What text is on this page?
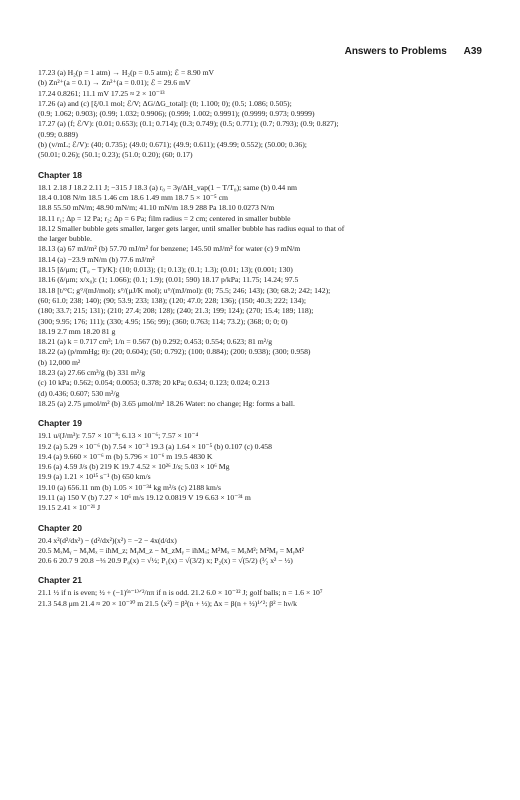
Answers to Problems A39
17.23 (a) H₂(p = 1 atm) → H₂(p = 0.5 atm); ℰ = 8.90 mV
(b) Zn²⁺(a = 0.1) → Zn²⁺(a = 0.01); ℰ = 29.6 mV
17.24 0.8261; 11.1 mV 17.25 ≈ 2 × 10⁻¹³
17.26 (a) and (c) [ξ/0.1 mol; ℰ/V; ΔG/ΔG_total]: (0; 1.100; 0); (0.5; 1.086; 0.505);
(0.9; 1.062; 0.903); (0.99; 1.032; 0.9906); (0.999; 1.002; 0.9991); (0.9999; 0.973; 0.9999)
17.27 (a) (f; ℰ/V): (0.01; 0.653); (0.1; 0.714); (0.3; 0.749); (0.5; 0.771); (0.7; 0.793); (0.9; 0.827);
(0.99; 0.889)
(b) (v/mL; ℰ/V): (40; 0.735); (49.0; 0.671); (49.9; 0.611); (49.99; 0.552); (50.00; 0.36);
(50.01; 0.26); (50.1; 0.23); (51.0; 0.20); (60; 0.17)
Chapter 18
18.1 2.18 J 18.2 2.11 J; −315 J 18.3 (a) r₀ = 3γ/ΔH_vap(1 − T/T₀); same (b) 0.44 nm
18.4 0.108 N/m 18.5 1.46 cm 18.6 1.49 mm 18.7 5 × 10⁻⁵ cm
18.8 55.50 mN/m; 48.90 mN/m; 41.10 mN/m 18.9 288 Pa 18.10 0.0273 N/m
18.11 r₁; Δp = 12 Pa; r₂; Δp = 6 Pa; film radius = 2 cm; centered in smaller bubble
18.12 Smaller bubble gets smaller, larger gets larger, until smaller bubble has radius equal to that of
the larger bubble.
18.13 (a) 67 mJ/m² (b) 57.70 mJ/m² for benzene; 145.50 mJ/m² for water (c) 9 mN/m
18.14 (a) −23.9 mN/m (b) 77.6 mJ/m²
18.15 [δ/μm; (T₀ − T)/K]: (10; 0.013); (1; 0.13); (0.1; 1.3); (0.01; 13); (0.001; 130)
18.16 (δ/μm; x/x₀): (1; 1.066); (0.1; 1.9); (0.01; 590) 18.17 p/kPa; 11.75; 14.24; 97.5
18.18 [t/°C; g°/(mJ/mol); s°/(μJ/K mol); u°/(mJ/mol): (0; 75.5; 246; 143); (30; 68.2; 242; 142);
(60; 61.0; 238; 140); (90; 53.9; 233; 138); (120; 47.0; 228; 136); (150; 40.3; 222; 134);
(180; 33.7; 215; 131); (210; 27.4; 208; 128); (240; 21.3; 199; 124); (270; 15.4; 189; 118);
(300; 9.95; 176; 111); (330; 4.95; 156; 99); (360; 0.763; 114; 73.2); (368; 0; 0; 0)
18.19 2.7 mm 18.20 81 g
18.21 (a) k = 0.717 cm³; 1/n = 0.567 (b) 0.292; 0.453; 0.554; 0.623; 81 m²/g
18.22 (a) (p/mmHg; θ): (20; 0.604); (50; 0.792); (100; 0.884); (200; 0.938); (300; 0.958)
(b) 12,000 m²
18.23 (a) 27.66 cm³/g (b) 331 m²/g
(c) 10 kPa; 0.562; 0.054; 0.0053; 0.378; 20 kPa; 0.634; 0.123; 0.024; 0.213
(d) 0.436; 0.607; 530 m²/g
18.25 (a) 2.75 μmol/m² (b) 3.65 μmol/m² 18.26 Water: no change; Hg: forms a ball.
Chapter 19
19.1 u/(J/m³): 7.57 × 10⁻⁸; 6.13 × 10⁻⁶; 7.57 × 10⁻⁴
19.2 (a) 5.29 × 10⁻⁶ (b) 7.54 × 10⁻³ 19.3 (a) 1.64 × 10⁻⁵ (b) 0.107 (c) 0.458
19.4 (a) 9.660 × 10⁻⁶ m (b) 5.796 × 10⁻⁶ m 19.5 4830 K
19.6 (a) 4.59 J/s (b) 219 K 19.7 4.52 × 10²⁶ J/s; 5.03 × 10⁶ Mg
19.9 (a) 1.21 × 10¹⁵ s⁻¹ (b) 650 km/s
19.10 (a) 656.11 nm (b) 1.05 × 10⁻³⁴ kg m²/s (c) 2188 km/s
19.11 (a) 150 V (b) 7.27 × 10⁶ m/s 19.12 0.0819 V 19 6.63 × 10⁻³¹ m
19.15 2.41 × 10⁻²¹ J
Chapter 20
20.4 x²(d²/dx²) − (d²/dx²)(x²) = −2 − 4x(d/dx)
20.5 MₓMᵧ − MᵧMₓ = iħM_z; MᵧM_z − M_zMᵧ = iħMₓ; M²Mₓ = MₓM²; M²Mᵧ = MᵧM²
20.6 6 20.7 9 20.8 −⅓ 20.9 P₀(x) = √½; P₁(x) = √(3/2) x; P₂(x) = √(5/2) (³⁄₂ x² − ½)
Chapter 21
21.1 ½ if n is even; ½ + (−1)⁽ⁿ⁻¹⁾ᐟ²/nπ if n is odd. 21.2 6.0 × 10⁻³² J; golf balls; n = 1.6 × 10⁷
21.3 54.8 μm 21.4 ≈ 20 × 10⁻³⁰ m 21.5 ⟨x²⟩ = β²(n + ½); Δx = β(n + ½)¹ᐟ²; β² = hν/k
